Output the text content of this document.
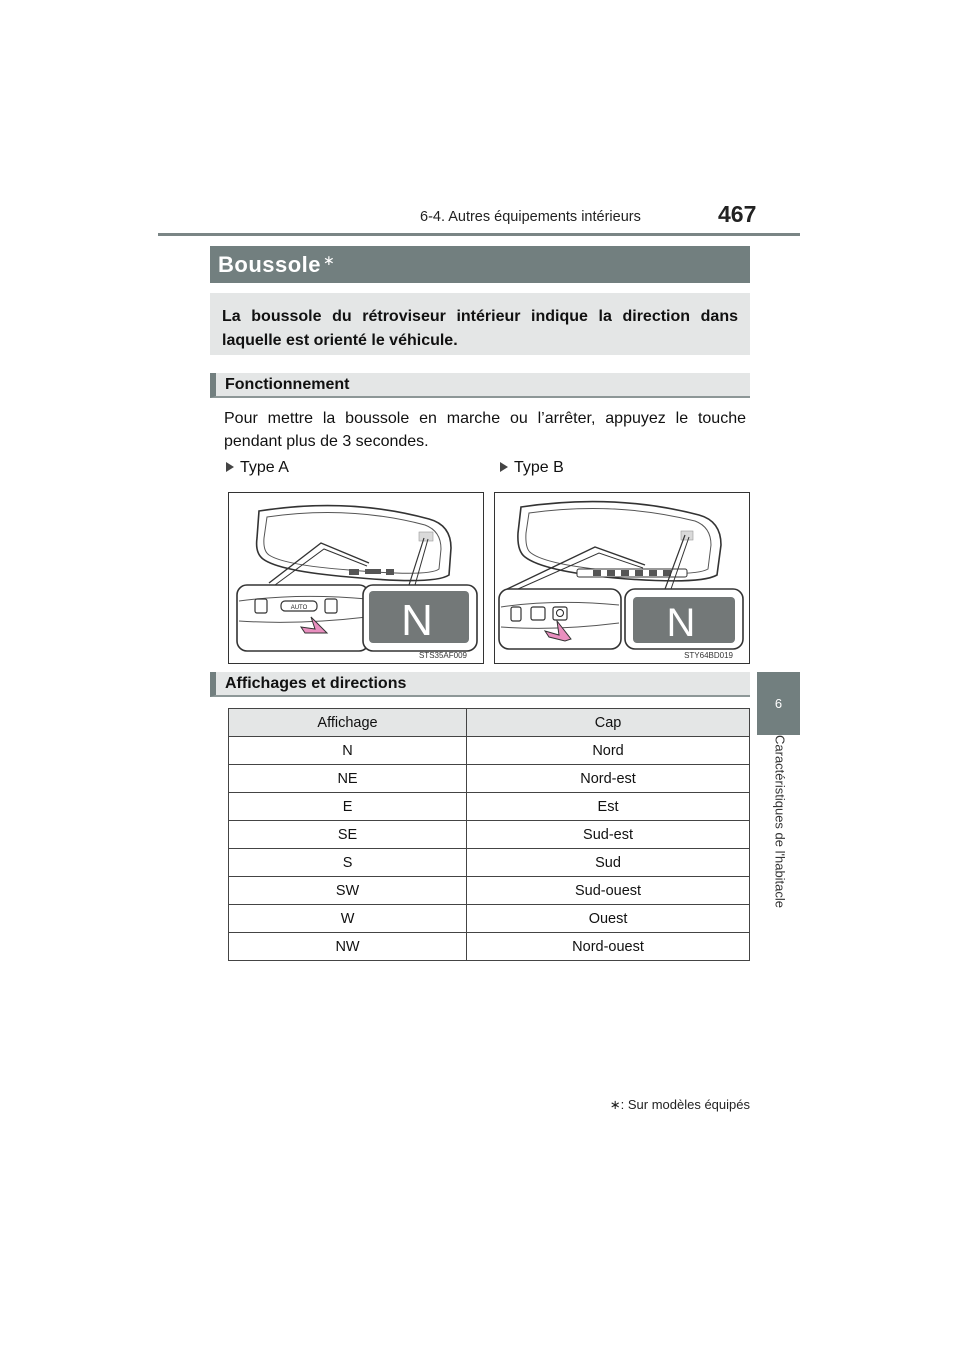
6-4. Autres équipements intérieurs	467
6
Caractéristiques de l'habitacle
Boussole∗
La boussole du rétroviseur intérieur indique la direction dans laquelle est orienté le véhicule.
Fonctionnement
Pour mettre la boussole en marche ou l’arrêter, appuyez le touche pendant plus de 3 secondes.
Type A	Type B
AUTO N
STS35AF009
N
STY64BD019
Affichages et directions
Affichage	Cap
N	Nord
NE	Nord-est
E	Est
SE	Sud-est
S	Sud
SW	Sud-ouest
W	Ouest
NW	Nord-ouest
∗: Sur modèles équipés
